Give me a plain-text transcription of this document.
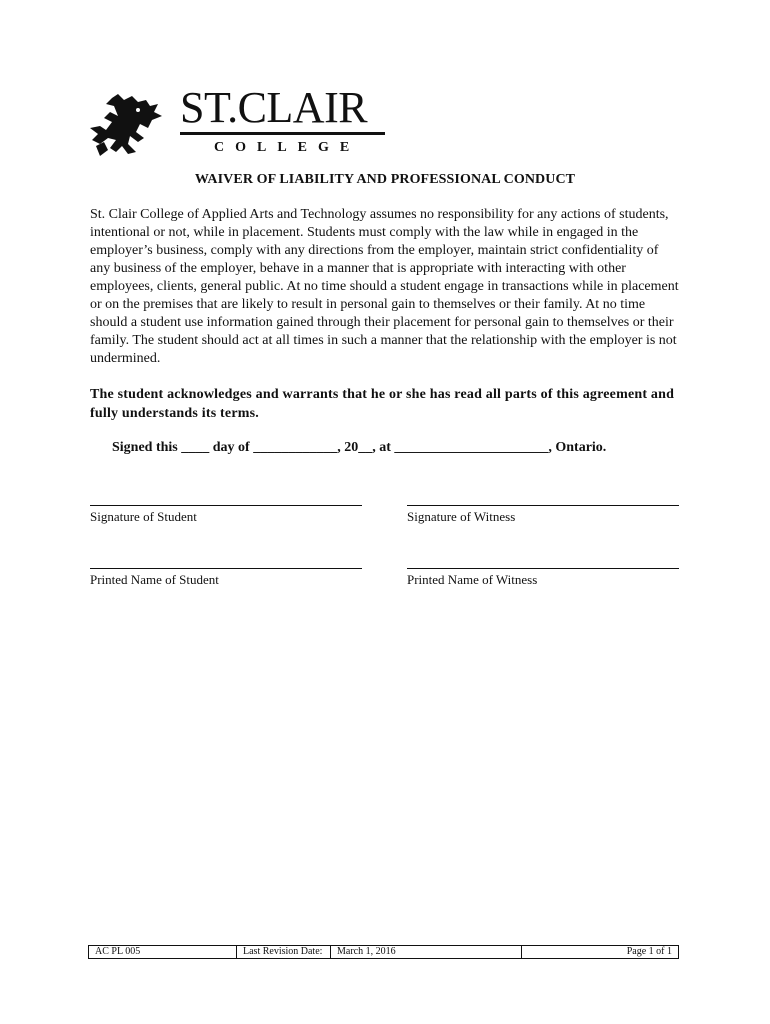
ST.CLAIR
COLLEGE
WAIVER OF LIABILITY AND PROFESSIONAL CONDUCT
St. Clair College of Applied Arts and Technology assumes no responsibility for any actions of students, intentional or not, while in placement. Students must comply with the law while in engaged in the employer’s business, comply with any directions from the employer, maintain strict confidentiality of any business of the employer, behave in a manner that is appropriate with interacting with other employees, clients, general public. At no time should a student engage in transactions while in placement or on the premises that are likely to result in personal gain to themselves or their family. At no time should a student use information gained through their placement for personal gain to themselves or their family. The student should act at all times in such a manner that the relationship with the employer is not undermined.
The student acknowledges and warrants that he or she has read all parts of this agreement and fully understands its terms.
Signed this ____ day of ____________, 20__, at ______________________, Ontario.
Signature of Student	Signature of Witness
Printed Name of Student	Printed Name of Witness
AC PL 005	Last Revision Date:	March 1, 2016	Page 1 of 1
